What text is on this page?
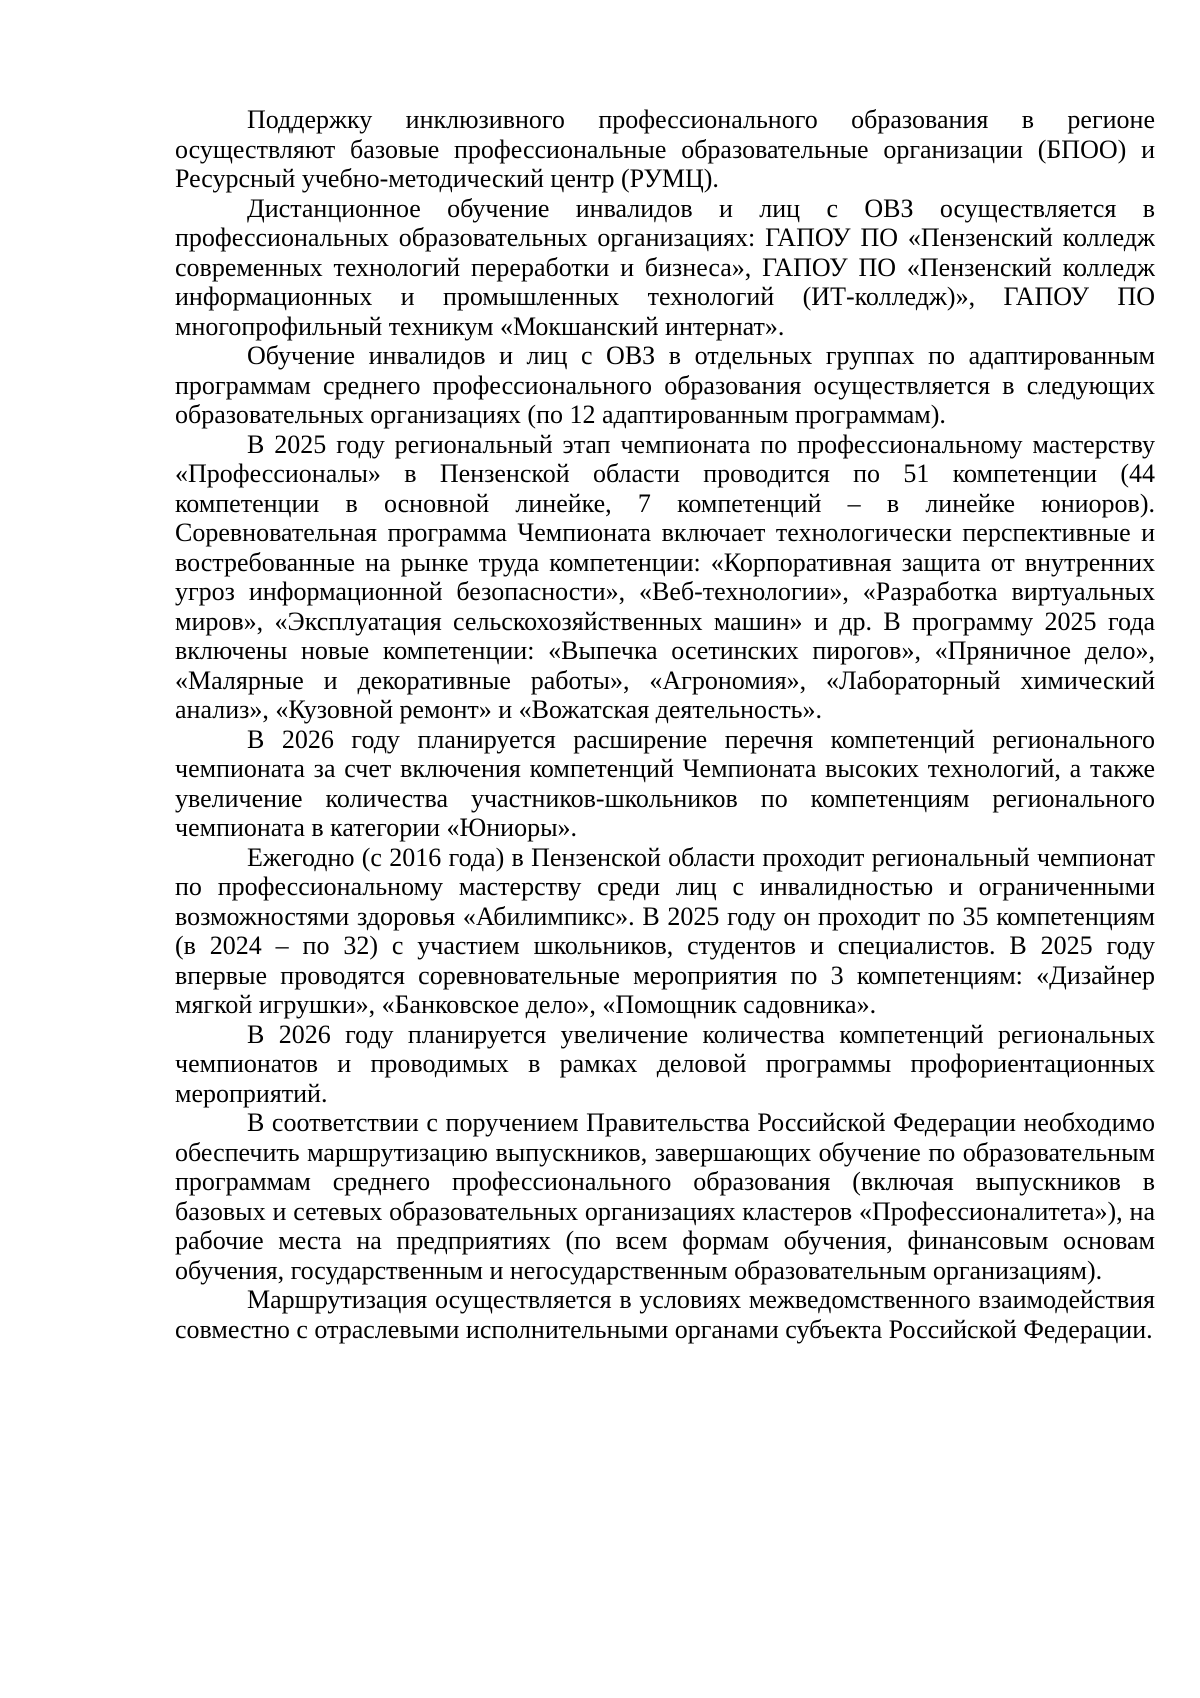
Поддержку инклюзивного профессионального образования в регионе осуществляют базовые профессиональные образовательные организации (БПОО) и Ресурсный учебно-методический центр (РУМЦ).

Дистанционное обучение инвалидов и лиц с ОВЗ осуществляется в профессиональных образовательных организациях: ГАПОУ ПО «Пензенский колледж современных технологий переработки и бизнеса», ГАПОУ ПО «Пензенский колледж информационных и промышленных технологий (ИТ-колледж)», ГАПОУ ПО многопрофильный техникум «Мокшанский интернат».

Обучение инвалидов и лиц с ОВЗ в отдельных группах по адаптированным программам среднего профессионального образования осуществляется в следующих образовательных организациях (по 12 адаптированным программам).

В 2025 году региональный этап чемпионата по профессиональному мастерству «Профессионалы» в Пензенской области проводится по 51 компетенции (44 компетенции в основной линейке, 7 компетенций – в линейке юниоров). Соревновательная программа Чемпионата включает технологически перспективные и востребованные на рынке труда компетенции: «Корпоративная защита от внутренних угроз информационной безопасности», «Веб-технологии», «Разработка виртуальных миров», «Эксплуатация сельскохозяйственных машин» и др. В программу 2025 года включены новые компетенции: «Выпечка осетинских пирогов», «Пряничное дело», «Малярные и декоративные работы», «Агрономия», «Лабораторный химический анализ», «Кузовной ремонт» и «Вожатская деятельность».

В 2026 году планируется расширение перечня компетенций регионального чемпионата за счет включения компетенций Чемпионата высоких технологий, а также увеличение количества участников-школьников по компетенциям регионального чемпионата в категории «Юниоры».

Ежегодно (с 2016 года) в Пензенской области проходит региональный чемпионат по профессиональному мастерству среди лиц с инвалидностью и ограниченными возможностями здоровья «Абилимпикс». В 2025 году он проходит по 35 компетенциям (в 2024 – по 32) с участием школьников, студентов и специалистов. В 2025 году впервые проводятся соревновательные мероприятия по 3 компетенциям: «Дизайнер мягкой игрушки», «Банковское дело», «Помощник садовника».

В 2026 году планируется увеличение количества компетенций региональных чемпионатов и проводимых в рамках деловой программы профориентационных мероприятий.

В соответствии с поручением Правительства Российской Федерации необходимо обеспечить маршрутизацию выпускников, завершающих обучение по образовательным программам среднего профессионального образования (включая выпускников в базовых и сетевых образовательных организациях кластеров «Профессионалитета»), на рабочие места на предприятиях (по всем формам обучения, финансовым основам обучения, государственным и негосударственным образовательным организациям).

Маршрутизация осуществляется в условиях межведомственного взаимодействия совместно с отраслевыми исполнительными органами субъекта Российской Федерации.
